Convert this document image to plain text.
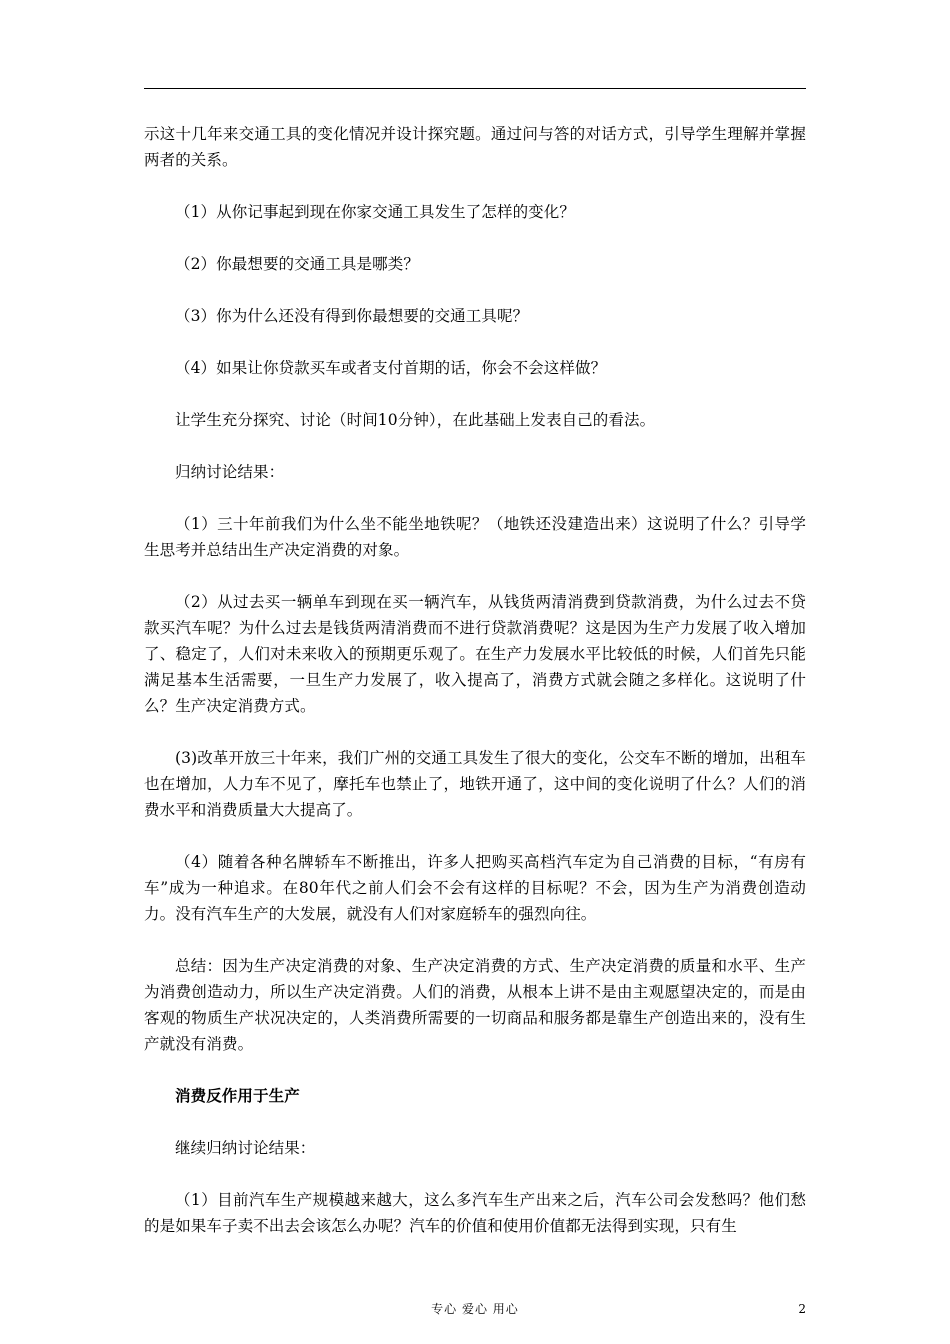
示这十几年来交通工具的变化情况并设计探究题。通过问与答的对话方式，引导学生理解并掌握两者的关系。

（1）从你记事起到现在你家交通工具发生了怎样的变化？

（2）你最想要的交通工具是哪类？

（3）你为什么还没有得到你最想要的交通工具呢？

（4）如果让你贷款买车或者支付首期的话，你会不会这样做？

让学生充分探究、讨论（时间10分钟），在此基础上发表自己的看法。

归纳讨论结果：

（1）三十年前我们为什么坐不能坐地铁呢？（地铁还没建造出来）这说明了什么？引导学生思考并总结出生产决定消费的对象。

（2）从过去买一辆单车到现在买一辆汽车，从钱货两清消费到贷款消费，为什么过去不贷款买汽车呢？为什么过去是钱货两清消费而不进行贷款消费呢？这是因为生产力发展了收入增加了、稳定了，人们对未来收入的预期更乐观了。在生产力发展水平比较低的时候，人们首先只能满足基本生活需要，一旦生产力发展了，收入提高了，消费方式就会随之多样化。这说明了什么？生产决定消费方式。

(3)改革开放三十年来，我们广州的交通工具发生了很大的变化，公交车不断的增加，出租车也在增加，人力车不见了，摩托车也禁止了，地铁开通了，这中间的变化说明了什么？人们的消费水平和消费质量大大提高了。

（4）随着各种名牌轿车不断推出，许多人把购买高档汽车定为自己消费的目标，“有房有车”成为一种追求。在80年代之前人们会不会有这样的目标呢？不会，因为生产为消费创造动力。没有汽车生产的大发展，就没有人们对家庭轿车的强烈向往。

总结：因为生产决定消费的对象、生产决定消费的方式、生产决定消费的质量和水平、生产为消费创造动力，所以生产决定消费。人们的消费，从根本上讲不是由主观愿望决定的，而是由客观的物质生产状况决定的，人类消费所需要的一切商品和服务都是靠生产创造出来的，没有生产就没有消费。

消费反作用于生产

继续归纳讨论结果：

（1）目前汽车生产规模越来越大，这么多汽车生产出来之后，汽车公司会发愁吗？他们愁的是如果车子卖不出去会该怎么办呢？汽车的价值和使用价值都无法得到实现，只有生

专心 爱心 用心	2
